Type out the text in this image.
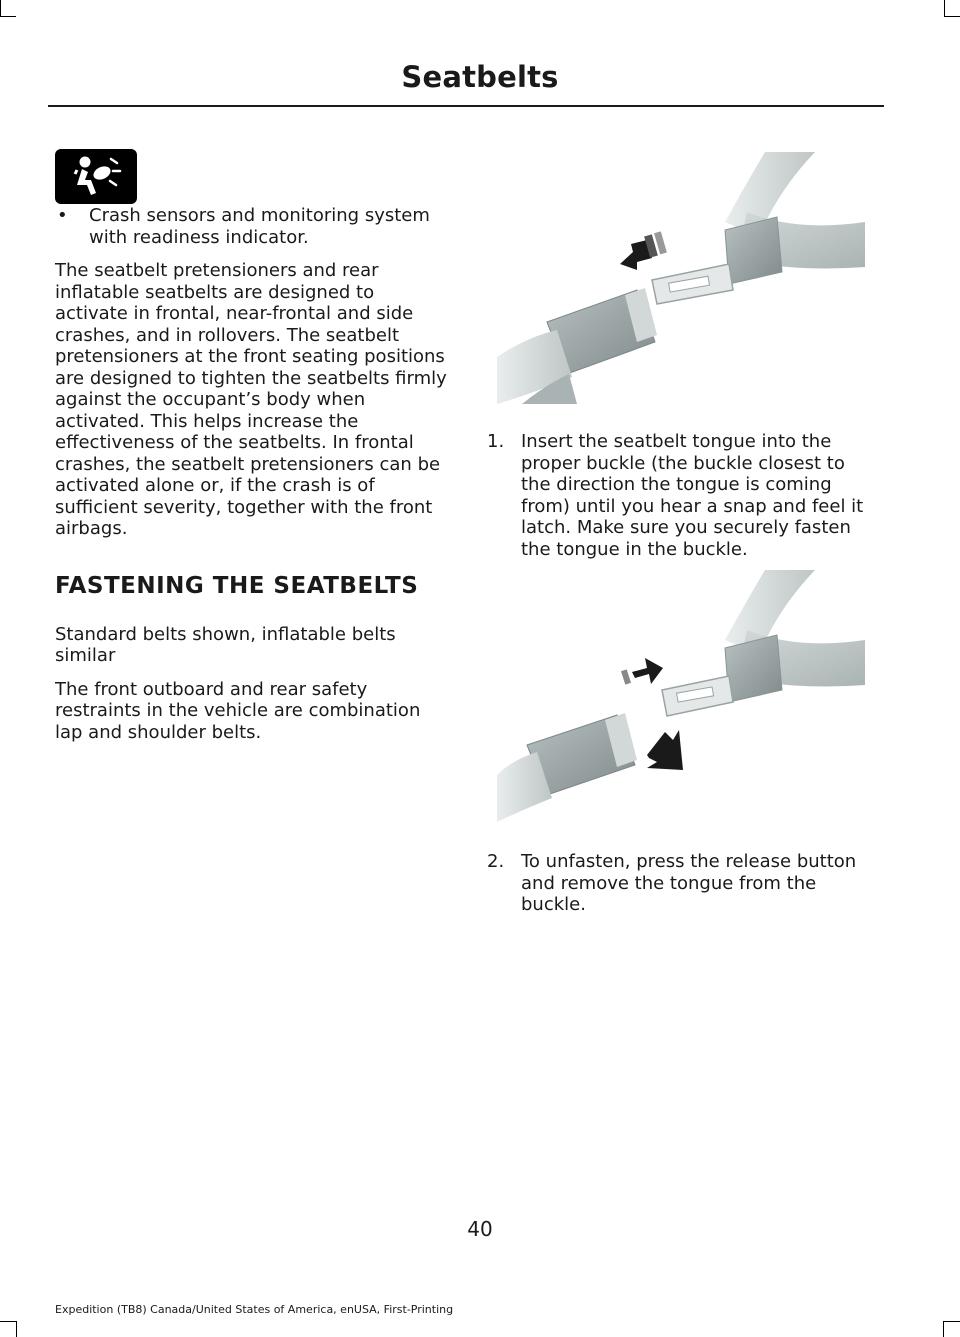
Seatbelts
• Crash sensors and monitoring system with readiness indicator.

The seatbelt pretensioners and rear inflatable seatbelts are designed to activate in frontal, near-frontal and side crashes, and in rollovers. The seatbelt pretensioners at the front seating positions are designed to tighten the seatbelts firmly against the occupant’s body when activated. This helps increase the effectiveness of the seatbelts. In frontal crashes, the seatbelt pretensioners can be activated alone or, if the crash is of sufficient severity, together with the front airbags.

FASTENING THE SEATBELTS

Standard belts shown, inflatable belts similar

The front outboard and rear safety restraints in the vehicle are combination lap and shoulder belts.

1. Insert the seatbelt tongue into the proper buckle (the buckle closest to the direction the tongue is coming from) until you hear a snap and feel it latch. Make sure you securely fasten the tongue in the buckle.
2. To unfasten, press the release button and remove the tongue from the buckle.
40
Expedition (TB8) Canada/United States of America, enUSA, First-Printing
